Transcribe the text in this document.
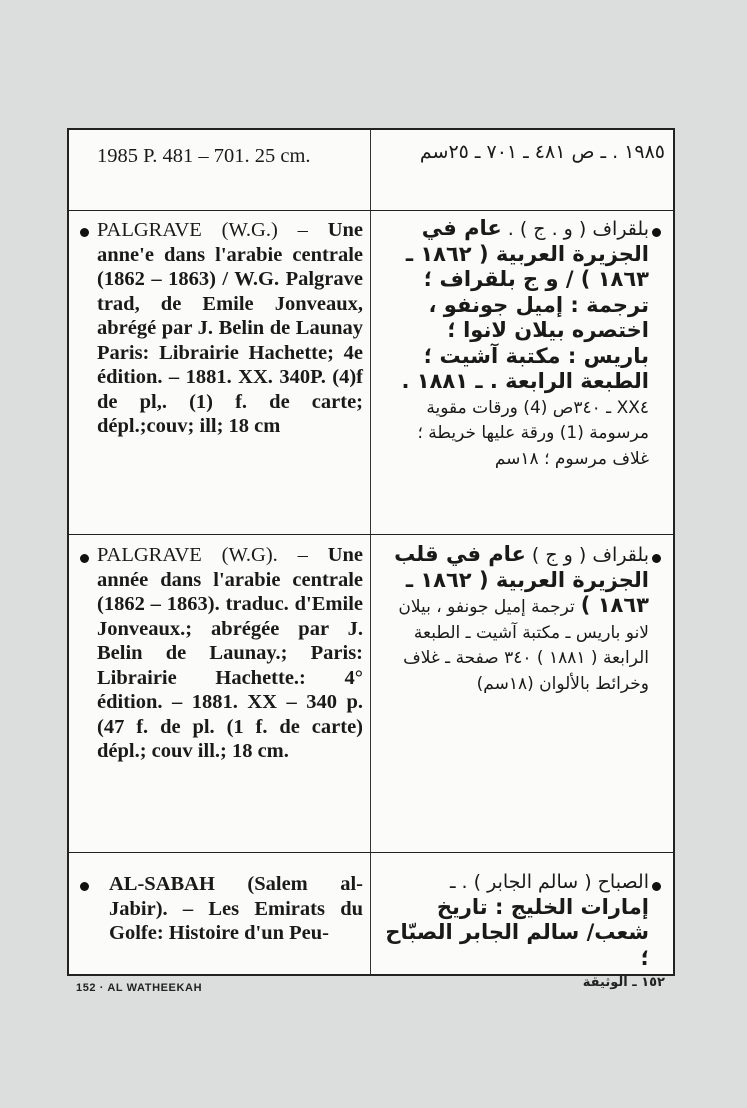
1985 P. 481 – 701. 25 cm.	١٩٨٥ . ـ ص ٤٨١ ـ ٧٠١ ـ ٢٥سم

PALGRAVE (W.G.) – Une anne'e dans l'arabie centrale (1862 – 1863) / W.G. Palgrave trad, de Emile Jonveaux, abrégé par J. Belin de Launay Paris: Librairie Hachette; 4e édition. – 1881. XX. 340P. (4)f de pl,. (1) f. de carte; dépl.;couv; ill; 18 cm
بلقراف ( و . ج ) . عام في الجزيرة العربية ( ١٨٦٢ ـ ١٨٦٣ ) / و ج بلقراف ؛ ترجمة : إميل جونفو ، اختصره بيلان لانوا ؛ باريس : مكتبة آشيت ؛ الطبعة الرابعة . ـ ١٨٨١ . XX٤ ـ ٣٤٠ص (4) ورقات مقوية مرسومة (1) ورقة عليها خريطة ؛ غلاف مرسوم ؛ ١٨سم
PALGRAVE (W.G). – Une année dans l'arabie centrale (1862 – 1863). traduc. d'Emile Jonveaux.; abrégée par J. Belin de Launay.; Paris: Librairie Hachette.: 4° édition. – 1881. XX – 340 p. (47 f. de pl. (1 f. de carte) dépl.; couv ill.; 18 cm.
بلقراف ( و ج ) عام في قلب الجزيرة العربية ( ١٨٦٢ ـ ١٨٦٣ ) ترجمة إميل جونفو ، بيلان لانو باريس ـ مكتبة آشيت ـ الطبعة الرابعة ( ١٨٨١ ) ٣٤٠ صفحة ـ غلاف وخرائط بالألوان (١٨سم)
AL-SABAH (Salem al-Jabir). – Les Emirats du Golfe: Histoire d'un Peu-
الصباح ( سالم الجابر ) . ـ إمارات الخليج : تاريخ شعب/ سالم الجابر الصبّاح ؛
152 · AL WATHEEKAH	١٥٢ ـ الوثيقة
